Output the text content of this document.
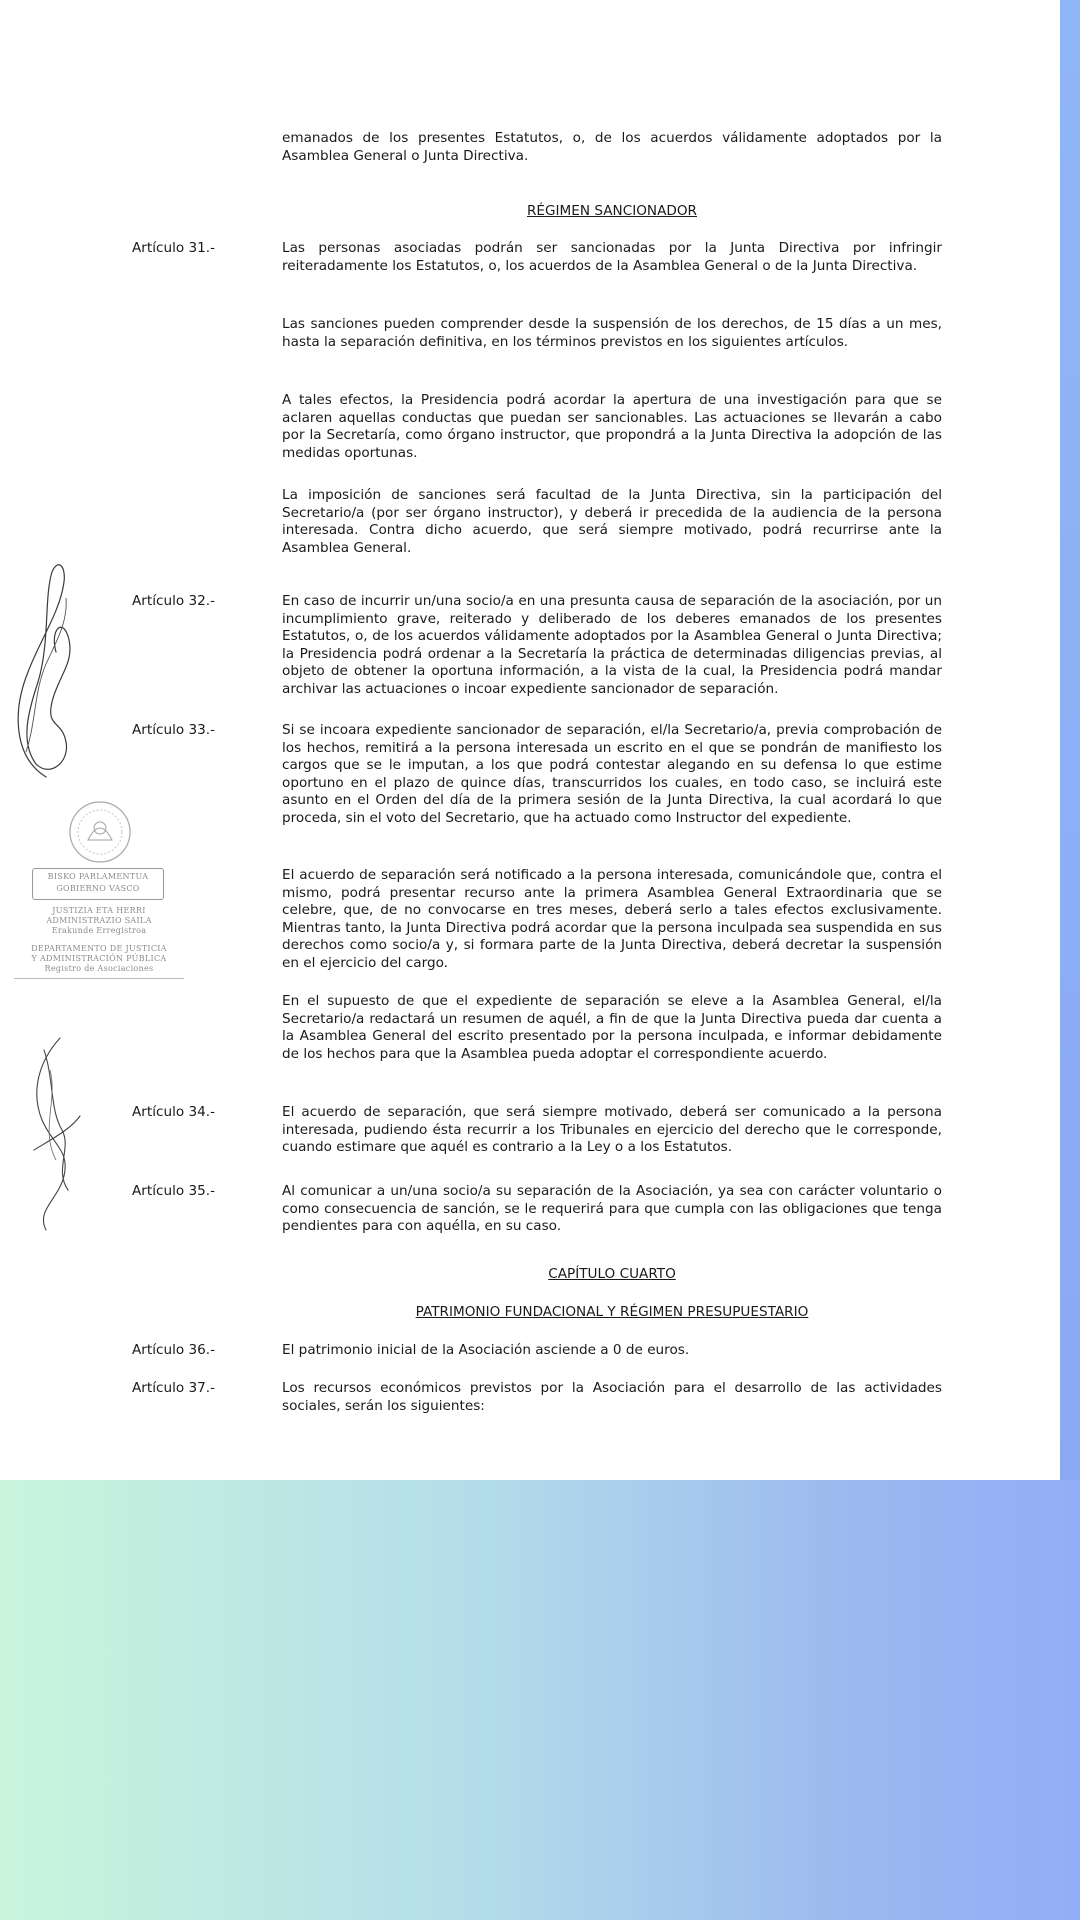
emanados de los presentes Estatutos, o, de los acuerdos válidamente adoptados por la Asamblea General o Junta Directiva.

RÉGIMEN SANCIONADOR
Artículo 31.-	Las personas asociadas podrán ser sancionadas por la Junta Directiva por infringir reiteradamente los Estatutos, o, los acuerdos de la Asamblea General o de la Junta Directiva.

Las sanciones pueden comprender desde la suspensión de los derechos, de 15 días a un mes, hasta la separación definitiva, en los términos previstos en los siguientes artículos.

A tales efectos, la Presidencia podrá acordar la apertura de una investigación para que se aclaren aquellas conductas que puedan ser sancionables. Las actuaciones se llevarán a cabo por la Secretaría, como órgano instructor, que propondrá a la Junta Directiva la adopción de las medidas oportunas.

La imposición de sanciones será facultad de la Junta Directiva, sin la participación del Secretario/a (por ser órgano instructor), y deberá ir precedida de la audiencia de la persona interesada. Contra dicho acuerdo, que será siempre motivado, podrá recurrirse ante la Asamblea General.

Artículo 32.-	En caso de incurrir un/una socio/a en una presunta causa de separación de la asociación, por un incumplimiento grave, reiterado y deliberado de los deberes emanados de los presentes Estatutos, o, de los acuerdos válidamente adoptados por la Asamblea General o Junta Directiva; la Presidencia podrá ordenar a la Secretaría la práctica de determinadas diligencias previas, al objeto de obtener la oportuna información, a la vista de la cual, la Presidencia podrá mandar archivar las actuaciones o incoar expediente sancionador de separación.

Artículo 33.-	Si se incoara expediente sancionador de separación, el/la Secretario/a, previa comprobación de los hechos, remitirá a la persona interesada un escrito en el que se pondrán de manifiesto los cargos que se le imputan, a los que podrá contestar alegando en su defensa lo que estime oportuno en el plazo de quince días, transcurridos los cuales, en todo caso, se incluirá este asunto en el Orden del día de la primera sesión de la Junta Directiva, la cual acordará lo que proceda, sin el voto del Secretario, que ha actuado como Instructor del expediente.

El acuerdo de separación será notificado a la persona interesada, comunicándole que, contra el mismo, podrá presentar recurso ante la primera Asamblea General Extraordinaria que se celebre, que, de no convocarse en tres meses, deberá serlo a tales efectos exclusivamente. Mientras tanto, la Junta Directiva podrá acordar que la persona inculpada sea suspendida en sus derechos como socio/a y, si formara parte de la Junta Directiva, deberá decretar la suspensión en el ejercicio del cargo.

En el supuesto de que el expediente de separación se eleve a la Asamblea General, el/la Secretario/a redactará un resumen de aquél, a fin de que la Junta Directiva pueda dar cuenta a la Asamblea General del escrito presentado por la persona inculpada, e informar debidamente de los hechos para que la Asamblea pueda adoptar el correspondiente acuerdo.

Artículo 34.-	El acuerdo de separación, que será siempre motivado, deberá ser comunicado a la persona interesada, pudiendo ésta recurrir a los Tribunales en ejercicio del derecho que le corresponde, cuando estimare que aquél es contrario a la Ley o a los Estatutos.

Artículo 35.-	Al comunicar a un/una socio/a su separación de la Asociación, ya sea con carácter voluntario o como consecuencia de sanción, se le requerirá para que cumpla con las obligaciones que tenga pendientes para con aquélla, en su caso.

CAPÍTULO CUARTO
PATRIMONIO FUNDACIONAL Y RÉGIMEN PRESUPUESTARIO
Artículo 36.-	El patrimonio inicial de la Asociación asciende a 0 de euros.

Artículo 37.-	Los recursos económicos previstos por la Asociación para el desarrollo de las actividades sociales, serán los siguientes:

BISKO PARLAMENTUA
GOBIERNO VASCO
JUSTIZIA ETA HERRI
ADMINISTRAZIO SAILA
Erakunde Erregistroa
DEPARTAMENTO DE JUSTICIA
Y ADMINISTRACIÓN PÚBLICA
Registro de Asociaciones
